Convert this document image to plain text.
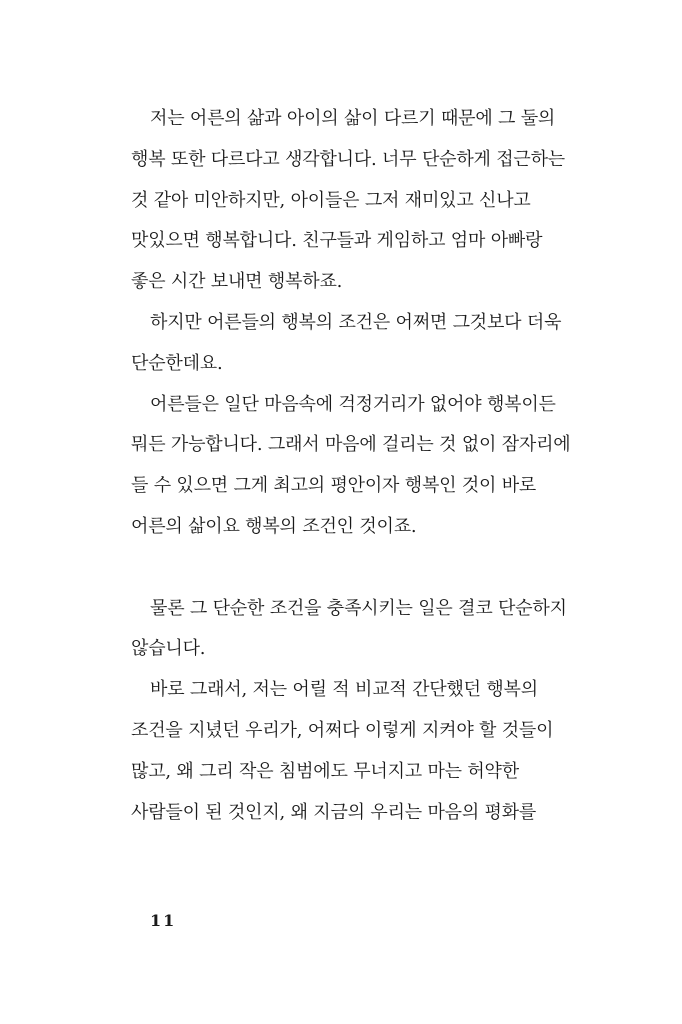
저는 어른의 삶과 아이의 삶이 다르기 때문에 그 둘의
행복 또한 다르다고 생각합니다. 너무 단순하게 접근하는
것 같아 미안하지만, 아이들은 그저 재미있고 신나고
맛있으면 행복합니다. 친구들과 게임하고 엄마 아빠랑
좋은 시간 보내면 행복하죠.
하지만 어른들의 행복의 조건은 어쩌면 그것보다 더욱
단순한데요.
어른들은 일단 마음속에 걱정거리가 없어야 행복이든
뭐든 가능합니다. 그래서 마음에 걸리는 것 없이 잠자리에
들 수 있으면 그게 최고의 평안이자 행복인 것이 바로
어른의 삶이요 행복의 조건인 것이죠.
물론 그 단순한 조건을 충족시키는 일은 결코 단순하지
않습니다.
바로 그래서, 저는 어릴 적 비교적 간단했던 행복의
조건을 지녔던 우리가, 어쩌다 이렇게 지켜야 할 것들이
많고, 왜 그리 작은 침범에도 무너지고 마는 허약한
사람들이 된 것인지, 왜 지금의 우리는 마음의 평화를
11
